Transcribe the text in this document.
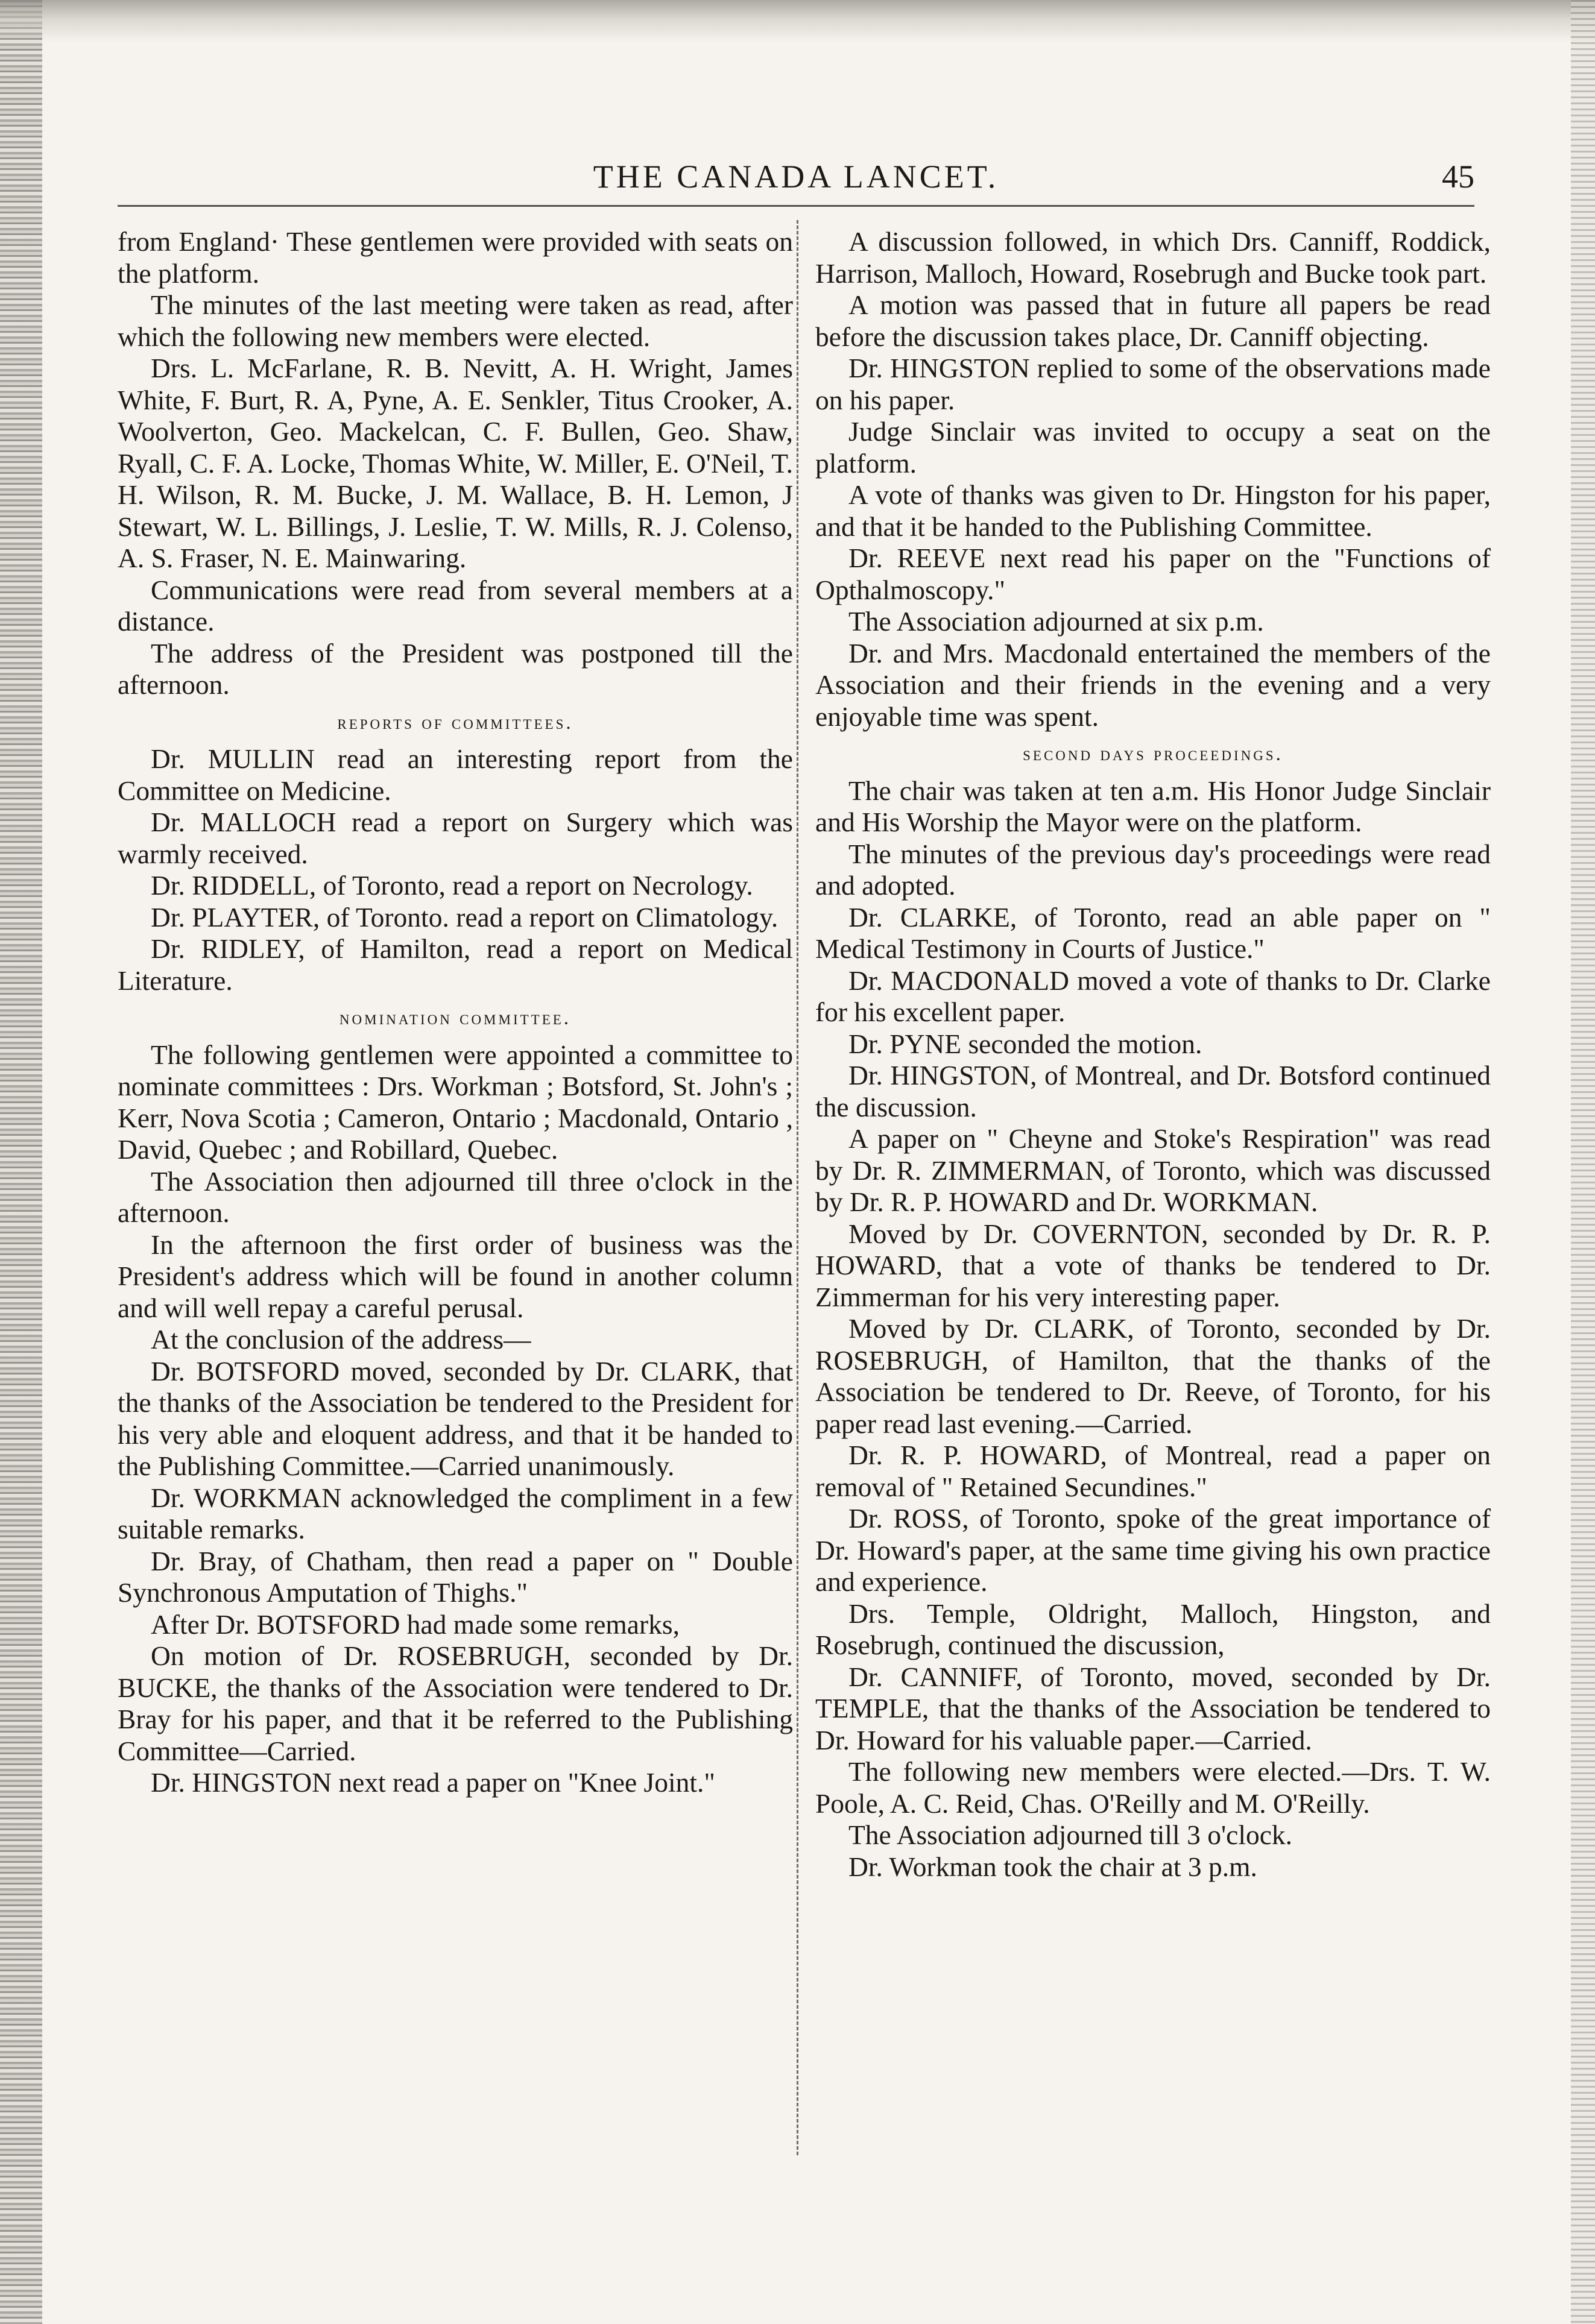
THE CANADA LANCET.	45

from England· These gentlemen were provided with seats on the platform.

The minutes of the last meeting were taken as read, after which the following new members were elected.

Drs. L. McFarlane, R. B. Nevitt, A. H. Wright, James White, F. Burt, R. A, Pyne, A. E. Senkler, Titus Crooker, A. Woolverton, Geo. Mackelcan, C. F. Bullen, Geo. Shaw, Ryall, C. F. A. Locke, Thomas White, W. Miller, E. O'Neil, T. H. Wilson, R. M. Bucke, J. M. Wallace, B. H. Lemon, J Stewart, W. L. Billings, J. Leslie, T. W. Mills, R. J. Colenso, A. S. Fraser, N. E. Mainwaring.

Communications were read from several members at a distance.

The address of the President was postponed till the afternoon.

reports of committees.

Dr. MULLIN read an interesting report from the Committee on Medicine.

Dr. MALLOCH read a report on Surgery which was warmly received.

Dr. RIDDELL, of Toronto, read a report on Necrology.

Dr. PLAYTER, of Toronto. read a report on Climatology.

Dr. RIDLEY, of Hamilton, read a report on Medical Literature.

nomination committee.

The following gentlemen were appointed a committee to nominate committees : Drs. Workman ; Botsford, St. John's ; Kerr, Nova Scotia ; Cameron, Ontario ; Macdonald, Ontario , David, Quebec ; and Robillard, Quebec.

The Association then adjourned till three o'clock in the afternoon.

In the afternoon the first order of business was the President's address which will be found in another column and will well repay a careful perusal.

At the conclusion of the address—

Dr. BOTSFORD moved, seconded by Dr. CLARK, that the thanks of the Association be tendered to the President for his very able and eloquent address, and that it be handed to the Publishing Committee.—Carried unanimously.

Dr. WORKMAN acknowledged the compliment in a few suitable remarks.

Dr. Bray, of Chatham, then read a paper on " Double Synchronous Amputation of Thighs."

After Dr. BOTSFORD had made some remarks,

On motion of Dr. ROSEBRUGH, seconded by Dr. BUCKE, the thanks of the Association were tendered to Dr. Bray for his paper, and that it be referred to the Publishing Committee—Carried.

Dr. HINGSTON next read a paper on "Knee Joint."

A discussion followed, in which Drs. Canniff, Roddick, Harrison, Malloch, Howard, Rosebrugh and Bucke took part.

A motion was passed that in future all papers be read before the discussion takes place, Dr. Canniff objecting.

Dr. HINGSTON replied to some of the observations made on his paper.

Judge Sinclair was invited to occupy a seat on the platform.

A vote of thanks was given to Dr. Hingston for his paper, and that it be handed to the Publishing Committee.

Dr. REEVE next read his paper on the "Functions of Opthalmoscopy."

The Association adjourned at six p.m.

Dr. and Mrs. Macdonald entertained the members of the Association and their friends in the evening and a very enjoyable time was spent.

second days proceedings.

The chair was taken at ten a.m. His Honor Judge Sinclair and His Worship the Mayor were on the platform.

The minutes of the previous day's proceedings were read and adopted.

Dr. CLARKE, of Toronto, read an able paper on " Medical Testimony in Courts of Justice."

Dr. MACDONALD moved a vote of thanks to Dr. Clarke for his excellent paper.

Dr. PYNE seconded the motion.

Dr. HINGSTON, of Montreal, and Dr. Botsford continued the discussion.

A paper on " Cheyne and Stoke's Respiration" was read by Dr. R. ZIMMERMAN, of Toronto, which was discussed by Dr. R. P. HOWARD and Dr. WORKMAN.

Moved by Dr. COVERNTON, seconded by Dr. R. P. HOWARD, that a vote of thanks be tendered to Dr. Zimmerman for his very interesting paper.

Moved by Dr. CLARK, of Toronto, seconded by Dr. ROSEBRUGH, of Hamilton, that the thanks of the Association be tendered to Dr. Reeve, of Toronto, for his paper read last evening.—Carried.

Dr. R. P. HOWARD, of Montreal, read a paper on removal of " Retained Secundines."

Dr. ROSS, of Toronto, spoke of the great importance of Dr. Howard's paper, at the same time giving his own practice and experience.

Drs. Temple, Oldright, Malloch, Hingston, and Rosebrugh, continued the discussion,

Dr. CANNIFF, of Toronto, moved, seconded by Dr. TEMPLE, that the thanks of the Association be tendered to Dr. Howard for his valuable paper.—Carried.

The following new members were elected.—Drs. T. W. Poole, A. C. Reid, Chas. O'Reilly and M. O'Reilly.

The Association adjourned till 3 o'clock.

Dr. Workman took the chair at 3 p.m.
